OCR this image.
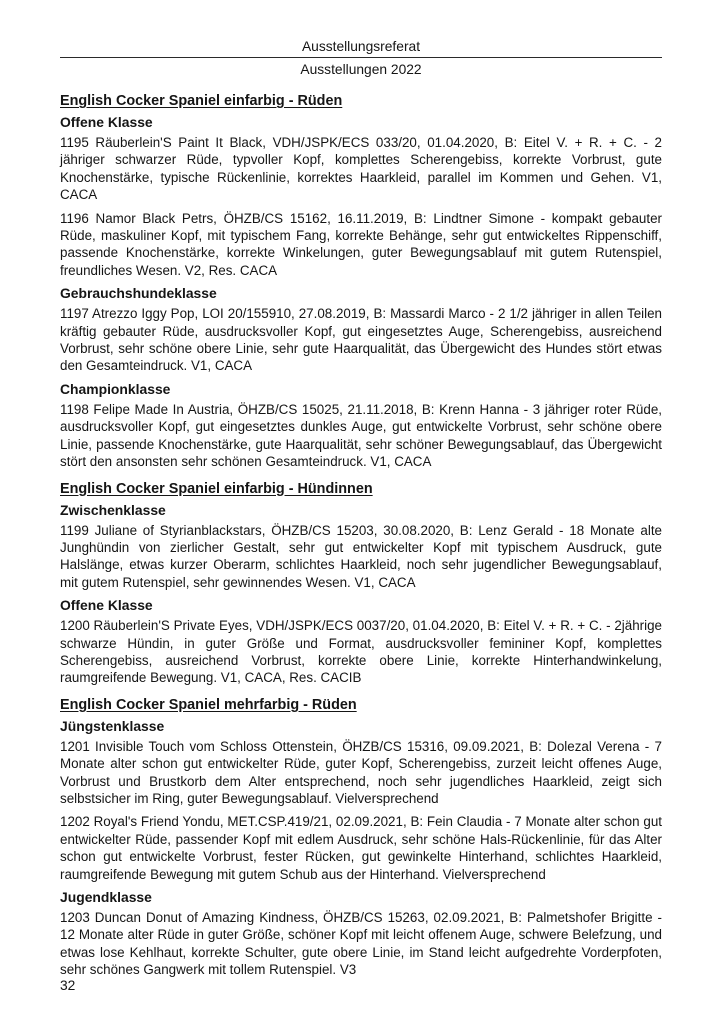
Ausstellungsreferat
Ausstellungen 2022
English Cocker Spaniel einfarbig - Rüden
Offene Klasse

1195 Räuberlein'S Paint It Black, VDH/JSPK/ECS 033/20, 01.04.2020, B: Eitel V. + R. + C. - 2 jähriger schwarzer Rüde, typvoller Kopf, komplettes Scherengebiss, korrekte Vorbrust, gute Knochenstärke, typische Rückenlinie, korrektes Haarkleid, parallel im Kommen und Gehen. V1, CACA

1196 Namor Black Petrs, ÖHZB/CS 15162, 16.11.2019, B: Lindtner Simone - kompakt gebauter Rüde, maskuliner Kopf, mit typischem Fang, korrekte Behänge, sehr gut entwickeltes Rippenschiff, passende Knochenstärke, korrekte Winkelungen, guter Bewegungsablauf mit gutem Rutenspiel, freundliches Wesen. V2, Res. CACA

Gebrauchshundeklasse

1197 Atrezzo Iggy Pop, LOI 20/155910, 27.08.2019, B: Massardi Marco - 2 1/2 jähriger in allen Teilen kräftig gebauter Rüde, ausdrucksvoller Kopf, gut eingesetztes Auge, Scherengebiss, ausreichend Vorbrust, sehr schöne obere Linie, sehr gute Haarqualität, das Übergewicht des Hundes stört etwas den Gesamteindruck. V1, CACA

Championklasse

1198 Felipe Made In Austria, ÖHZB/CS 15025, 21.11.2018, B: Krenn Hanna - 3 jähriger roter Rüde, ausdrucksvoller Kopf, gut eingesetztes dunkles Auge, gut entwickelte Vorbrust, sehr schöne obere Linie, passende Knochenstärke, gute Haarqualität, sehr schöner Bewegungsablauf, das Übergewicht stört den ansonsten sehr schönen Gesamteindruck. V1, CACA

English Cocker Spaniel einfarbig - Hündinnen
Zwischenklasse

1199 Juliane of Styrianblackstars, ÖHZB/CS 15203, 30.08.2020, B: Lenz Gerald - 18 Monate alte Junghündin von zierlicher Gestalt, sehr gut entwickelter Kopf mit typischem Ausdruck, gute Halslänge, etwas kurzer Oberarm, schlichtes Haarkleid, noch sehr jugendlicher Bewegungsablauf, mit gutem Rutenspiel, sehr gewinnendes Wesen. V1, CACA

Offene Klasse

1200 Räuberlein'S Private Eyes, VDH/JSPK/ECS 0037/20, 01.04.2020, B: Eitel V. + R. + C. - 2jährige schwarze Hündin, in guter Größe und Format, ausdrucksvoller femininer Kopf, komplettes Scherengebiss, ausreichend Vorbrust, korrekte obere Linie, korrekte Hinterhandwinkelung, raumgreifende Bewegung. V1, CACA, Res. CACIB

English Cocker Spaniel mehrfarbig - Rüden
Jüngstenklasse

1201 Invisible Touch vom Schloss Ottenstein, ÖHZB/CS 15316, 09.09.2021, B: Dolezal Verena - 7 Monate alter schon gut entwickelter Rüde, guter Kopf, Scherengebiss, zurzeit leicht offenes Auge, Vorbrust und Brustkorb dem Alter entsprechend, noch sehr jugendliches Haarkleid, zeigt sich selbstsicher im Ring, guter Bewegungsablauf. Vielversprechend

1202 Royal's Friend Yondu, MET.CSP.419/21, 02.09.2021, B: Fein Claudia - 7 Monate alter schon gut entwickelter Rüde, passender Kopf mit edlem Ausdruck, sehr schöne Hals-Rückenlinie, für das Alter schon gut entwickelte Vorbrust, fester Rücken, gut gewinkelte Hinterhand, schlichtes Haarkleid, raumgreifende Bewegung mit gutem Schub aus der Hinterhand. Vielversprechend

Jugendklasse

1203 Duncan Donut of Amazing Kindness, ÖHZB/CS 15263, 02.09.2021, B: Palmetshofer Brigitte - 12 Monate alter Rüde in guter Größe, schöner Kopf mit leicht offenem Auge, schwere Belefzung, und etwas lose Kehlhaut, korrekte Schulter, gute obere Linie, im Stand leicht aufgedrehte Vorderpfoten, sehr schönes Gangwerk mit tollem Rutenspiel. V3

32
